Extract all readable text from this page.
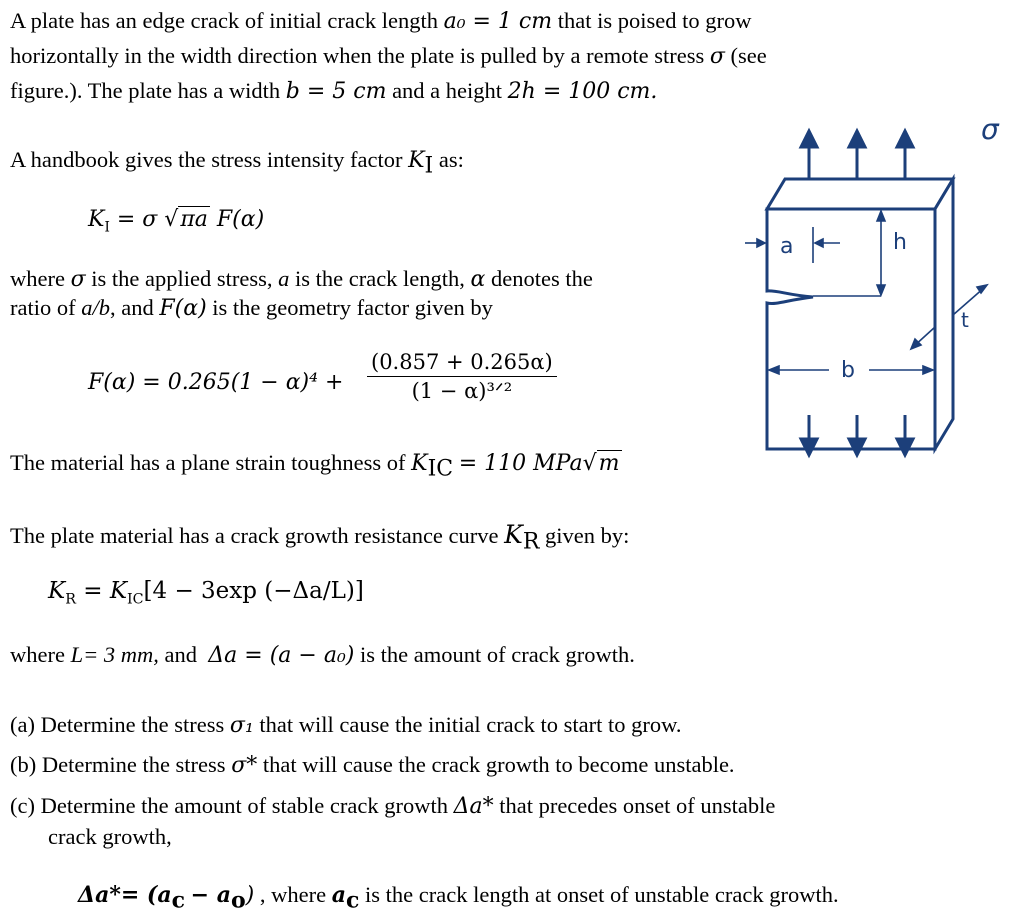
A plate has an edge crack of initial crack length a₀ = 1 cm that is poised to grow
horizontally in the width direction when the plate is pulled by a remote stress σ (see
figure.). The plate has a width b = 5 cm and a height 2h = 100 cm.
A handbook gives the stress intensity factor $K_I$ as:
$K_I = \sigma$ √πa F(α)
where σ is the applied stress, a is the crack length, α denotes the
ratio of a/b, and F(α) is the geometry factor given by
F(α) = 0.265(1 − α)⁴ +
(0.857 + 0.265α)
(1 − α)³ᐟ²
The material has a plane strain toughness of $K_{IC} = 110$ MPa√m
The plate material has a crack growth resistance curve $K_R$ given by:
$K_R = K_{IC}[4 - 3\exp$ (−Δa/L)]
where L= 3 mm, and Δa = (a − a₀) is the amount of crack growth.
(a) Determine the stress σ₁ that will cause the initial crack to start to grow.
(b) Determine the stress σ* that will cause the crack growth to become unstable.
(c) Determine the amount of stable crack growth Δa* that precedes onset of unstable
crack growth,
$\Delta a*= (a_c - a_o)$ , where $a_c$ is the crack length at onset of unstable crack growth.
σ
a	h
t
b
